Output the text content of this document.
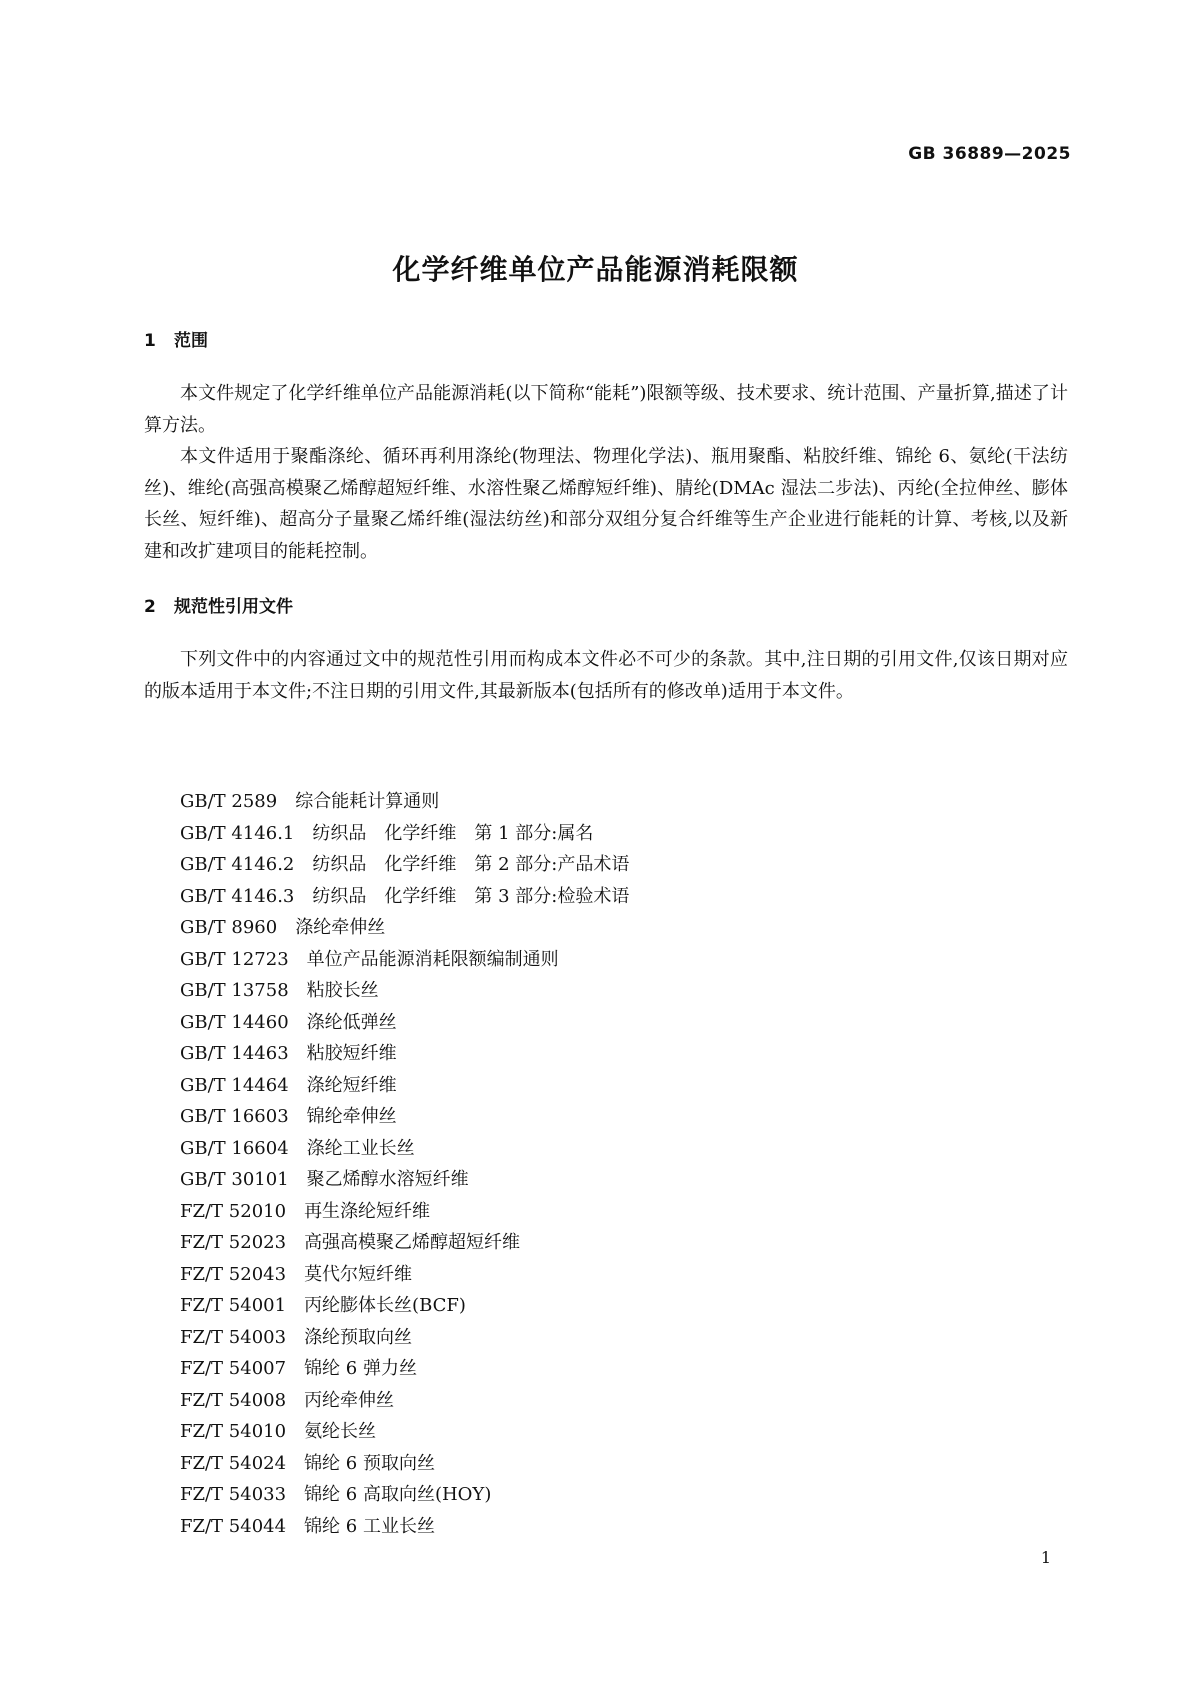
GB 36889—2025
化学纤维单位产品能源消耗限额
1 范围

本文件规定了化学纤维单位产品能源消耗(以下简称“能耗”)限额等级、技术要求、统计范围、产量折算,描述了计算方法。

本文件适用于聚酯涤纶、循环再利用涤纶(物理法、物理化学法)、瓶用聚酯、粘胶纤维、锦纶 6、氨纶(干法纺丝)、维纶(高强高模聚乙烯醇超短纤维、水溶性聚乙烯醇短纤维)、腈纶(DMAc 湿法二步法)、丙纶(全拉伸丝、膨体长丝、短纤维)、超高分子量聚乙烯纤维(湿法纺丝)和部分双组分复合纤维等生产企业进行能耗的计算、考核,以及新建和改扩建项目的能耗控制。

2 规范性引用文件

下列文件中的内容通过文中的规范性引用而构成本文件必不可少的条款。其中,注日期的引用文件,仅该日期对应的版本适用于本文件;不注日期的引用文件,其最新版本(包括所有的修改单)适用于本文件。

GB/T 2589 综合能耗计算通则
GB/T 4146.1 纺织品　化学纤维　第 1 部分:属名
GB/T 4146.2 纺织品　化学纤维　第 2 部分:产品术语
GB/T 4146.3 纺织品　化学纤维　第 3 部分:检验术语
GB/T 8960 涤纶牵伸丝
GB/T 12723 单位产品能源消耗限额编制通则
GB/T 13758 粘胶长丝
GB/T 14460 涤纶低弹丝
GB/T 14463 粘胶短纤维
GB/T 14464 涤纶短纤维
GB/T 16603 锦纶牵伸丝
GB/T 16604 涤纶工业长丝
GB/T 30101 聚乙烯醇水溶短纤维
FZ/T 52010 再生涤纶短纤维
FZ/T 52023 高强高模聚乙烯醇超短纤维
FZ/T 52043 莫代尔短纤维
FZ/T 54001 丙纶膨体长丝(BCF)
FZ/T 54003 涤纶预取向丝
FZ/T 54007 锦纶 6 弹力丝
FZ/T 54008 丙纶牵伸丝
FZ/T 54010 氨纶长丝
FZ/T 54024 锦纶 6 预取向丝
FZ/T 54033 锦纶 6 高取向丝(HOY)
FZ/T 54044 锦纶 6 工业长丝
1
